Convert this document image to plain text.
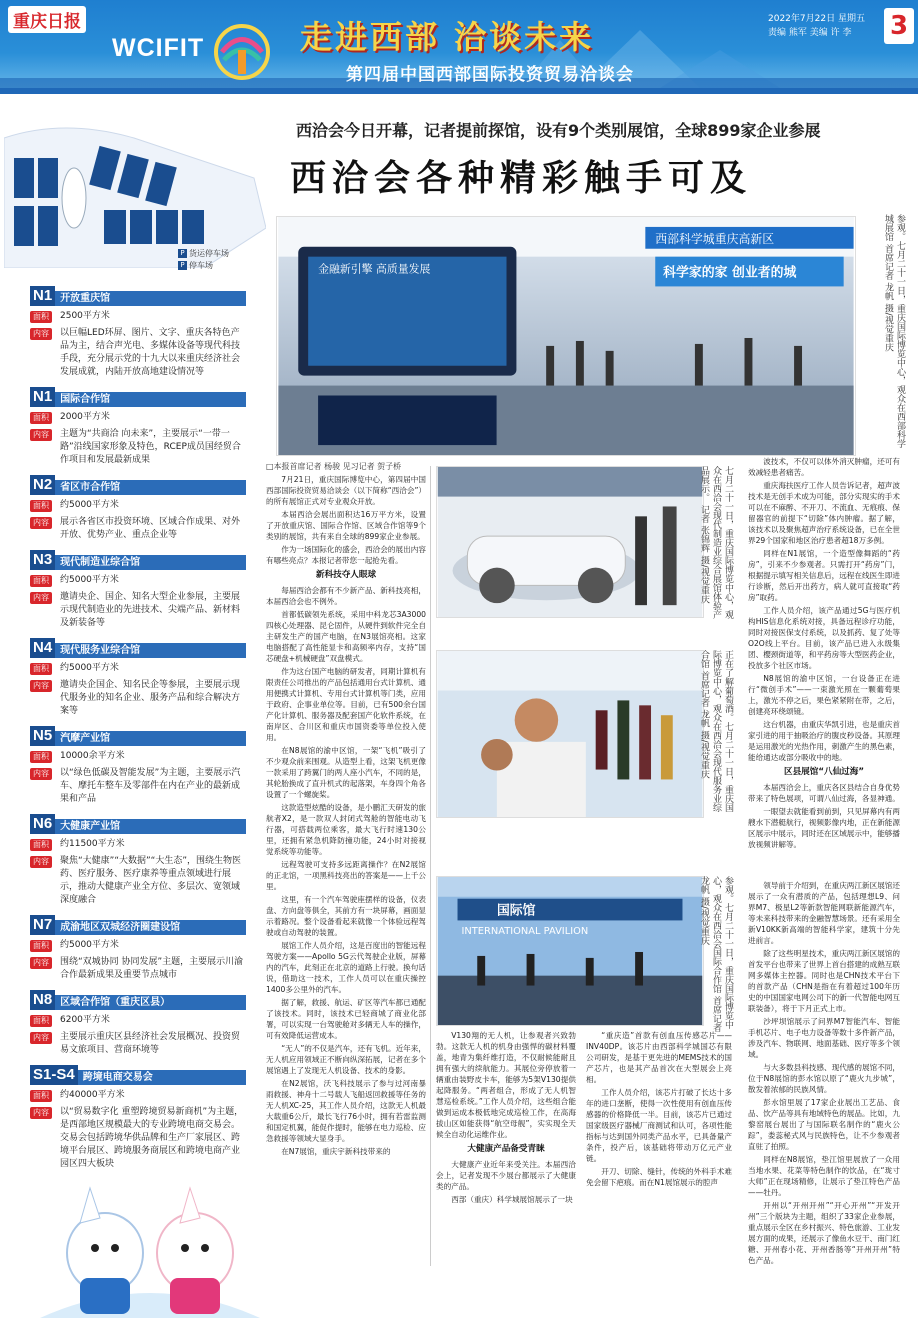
重庆日报
WCIFIT	走进西部 洽谈未来
第四届中国西部国际投资贸易洽谈会
2022年7月22日 星期五
责编 熊军 美编 许 李	3
P 货运停车场
P 停车场
N1 开放重庆馆
面积	2500平方米
内容	以巨幅LED环屏、图片、文字、重庆各特色产品为主，结合声光电、多媒体设备等现代科技手段，充分展示党的十九大以来重庆经济社会发展成就，内陆开放高地建设情况等
N1 国际合作馆
面积	2000平方米
内容	主题为“共商洽 向未来”，主要展示“一带一路”沿线国家形象及特色，RCEP成员国经贸合作项目和发展最新成果
N2 省区市合作馆
面积	约5000平方米
内容	展示各省区市投资环境、区域合作成果、对外开放、优势产业、重点企业等
N3 现代制造业综合馆
面积	约5000平方米
内容	邀请央企、国企、知名大型企业参展，主要展示现代制造业的先进技术、尖端产品、新材料及新装备等
N4 现代服务业综合馆
面积	约5000平方米
内容	邀请央企国企、知名民企等参展，主要展示现代服务业的知名企业、服务产品和综合解决方案等
N5 汽摩产业馆
面积	10000余平方米
内容	以“绿色低碳及智能发展”为主题，主要展示汽车、摩托车整车及零部件在内在产业的最新成果和产品
N6 大健康产业馆
面积	约11500平方米
内容	聚焦“大健康”“大数据”“大生态”，围绕生物医药、医疗服务、医疗康养等重点领域进行展示，推动大健康产业全方位、多层次、宽领域深度融合
N7 成渝地区双城经济圈建设馆
面积	约5000平方米
内容	围绕“双城协同 协同发展”主题，主要展示川渝合作最新成果及重要节点城市
N8 区域合作馆（重庆区县）
面积	6200平方米
内容	主要展示重庆区县经济社会发展概况、投资贸易文旅项目、营商环境等
S1-S4 跨境电商交易会
面积	约40000平方米
内容	以“贸易数字化 重塑跨境贸易新商机”为主题，是西部地区规模最大的专业跨境电商交易会。交易会包括跨境华供品牌和生产厂家展区、跨境平台展区、跨境服务商展区和跨境电商产业园区四大板块
西洽会今日开幕，记者提前探馆，设有9个类别展馆，全球899家企业参展
西洽会各种精彩触手可及
西部科学城重庆高新区
科学家的家 创业者的城
金融新引擎 高质量发展	参观。七月二十一日，重庆国际博览中心，观众在西部科学城展馆 首席记者 龙帆 摄/视觉重庆
七月二十一日，重庆国际博览中心，观众在西洽会现代制造业综合展馆体验产品展示。 记者 张锦辉 摄/视觉重庆
正在了解葡萄酒。七月二十一日，重庆国际博览中心，观众在西洽会现代服务业综合馆 首席记者 龙帆 摄/视觉重庆
国际馆
INTERNATIONAL PAVILION	参观。七月二十一日，重庆国际博览中心，观众在西洽会国际合作馆 首席记者 龙帆 摄/视觉重庆
□本报首席记者 杨骏 见习记者 贺子桥

7月21日，重庆国际博览中心，第四届中国西部国际投资贸易洽谈会（以下简称“西洽会”）的所有展馆正式对专业观众开放。

本届西洽会展出面积达16万平方米，设置了开放重庆馆、国际合作馆、区域合作馆等9个类别的展馆，共有来自全球的899家企业参展。

作为一场国际化的盛会，西洽会的展出内容有哪些亮点？本报记者带您一起抢先看。

新科技夺人眼球

每届西洽会都有不少新产品、新科技亮相，本届西洽会也不例外。

首都低碳领先系统，采用中科龙芯3A3000四核心处理器、昆仑固件，从硬件到软件完全自主研发生产的国产电脑，在N3展馆亮相。这家电脑搭配了高性能显卡和高频率内存，支持“国芯硬盘+机械硬盘”双盘模式。

作为这台国产电脑的研发者，同期计算机有限责任公司推出的产品包括通用台式计算机、通用便携式计算机、专用台式计算机等门类，应用于政府、企事业单位等。目前，已有500余台国产化计算机、服务器及配套国产化软件系统，在南岸区、合川区和重庆市国资委等单位投入使用。

在N8展馆的渝中区馆，一架“飞机”吸引了不少观众前来围观。从造型上看，这架飞机更像一款采用了跨翼门的两人座小汽车，不同的是，其轮胎换成了直升机式的起落架，车身四个角各设置了一个螺旋桨。

这款造型炫酷的设备，是小鹏汇天研发的旅航者X2，是一款双人封闭式驾舱的智能电动飞行器，可搭载两位乘客，最大飞行时速130公里，还拥有紧急机降防撞功能，24小时对接视觉系统等功能等。

远程驾驶可支持多远距离操作？在N2展馆的正北馆，一项黑科技亮出的答案是——上千公里。

这里，有一个汽车驾驶座摆样的设备，仪表盘、方向盘等俱全，其前方有一块屏幕，画面显示着路况。整个设备看起来就像一个体验远程驾驶或自动驾驶的装置。

展馆工作人员介绍，这是百度出的智能远程驾驶方案——Apollo 5G云代驾驶企业版，屏幕内的汽车，此刻正在北京的道路上行驶。换句话说，借助这一技术，工作人员可以在重庆操控1400多公里外的汽车。

据了解，救援、航运、矿区等汽车都已通配了该技术。同时，该技术已轻商城了商业化部署，可以实现一台驾驶舱对多辆无人车的操作，可有效降低运营成本。

“无人”的不仅是汽车，还有飞机。近年来，无人机应用领域正不断向纵深拓展，记者在多个展馆遇上了发现无人机设备、技术的身影。

在N2展馆，沃飞科技展示了参与过河南暴雨救援、神舟十二号载人飞船返回救援等任务的无人机XC-25，其工作人员介绍，这款无人机最大载重6公斤，最长飞行76小时，拥有若雷监测和国定机翼，能促作提时，能够在电力巡检、应急救援等领域大显身手。

在N7展馆，重庆宇新科技带来的

V130翔的无人机，让参观者兴致勃勃。这款无人机的机身由强悍的碳材料覆盖，地青为集纤维打造，不仅耐候能耐且拥有强大的续航能力。其展位旁停放着一辆重由装野皮卡车，能够为5架V130提供起降服务。“两者组合，形成了无人机智慧巡检系统。”工作人员介绍，这些组合能做到运成本极低地完成巡检工作，在高海拔山区如能获得“航空母舰”，实实现全天候全自动化运维作业。

大健康产品备受青睐

大健康产业近年来受关注。本届西洽会上，记者发现不少展台都展示了大健康类的产品。

西部（重庆）科学城展馆展示了一块

“重庆造”首款有创血压传感芯片——INV40DP。该芯片由西部科学城国芯有限公司研发，是基于更先进的MEMS技术的国产芯片，也是其产品首次在大型展会上亮相。

工作人员介绍，该芯片打破了长达十多年的进口垄断，使得一次性使用有创血压传感器的价格降低一半。目前，该芯片已通过国家级医疗器械厂商测试和认可，各项性能指标与达到国外同类产品水平，已具备量产条件，投产后，该基础将带动万亿元产业链。

开刀、切除、缝针，传统的外科手术难免会留下疤痕。而在N1展馆展示的腔声

波技术，不仅可以体外消灭肿瘤，还可有效减轻患者痛苦。

重庆海扶医疗工作人员告诉记者，超声波技术是无创手术成为可能，部分实现实的手术可以在不麻醉、不开刀、不流血、无痕痕、保留器官的前提下“切除”体内肿瘤。据了解，该技术以及聚焦超声治疗系统设备，已在全世界29个国家和地区治疗患者超18万多例。

同样在N1展馆，一个造型像舞蹈的“药房”，引来不少参观者。只需打开“药房”门，根据提示填写相关信息后，远程在线医生即进行诊断，然后开出药方，病人就可直接取“药房”取药。

工作人员介绍，该产品通过5G与医疗机构HIS信息化系统对接，具备远程诊疗功能，同时对接医保支付系统，以及抓药、复了处等O2O线上平台。目前，该产品已进入永级集团、樱颈街道等，和平药房等大型医药企业，投放多个社区市场。

N8展馆的渝中区馆，一台设备正在进行“微创手术”——一束激光照在一颗葡萄果上，激光不停之后，果色紧紧附在带，之后，创建亮环绕颂镜。

这台机器，由重庆华凯引进，也是重庆首家引进的用于抽吸治疗的腹皮秒设备。其原理是运用激光的光热作用，刺激产生的黑色素，能给通达或部分吸收中的地。

区县展馆“八仙过海”

本届西洽会上，重庆各区县结合自身优势带来了特色展项，可谓八仙过海，各显神通。

一眼望去就能看到前到，只见屏幕内有两艘水下潜艇航行，视频影像内地，正在新能源区展示中展示，同时还在区域展示中，能够播放视频讲解等。

领导前于介绍到，在重庆两江新区展馆还展示了一众有潜质的产品，包括理想L9、问界M7、极星L2等新款智能网联新能源汽车，等未来科技带来的金融智慧场景。还有采用全新V10KK新高端的智能科学家，建筑十分先进前言。

除了这些明星技术，重庆两江新区展馆的首发平台也带来了世界上首台搭建的成熟互联网多媒体主控器。同时也是CHN技术平台下的首款产品（CHN是指在有着超过100年历史的中国国家电网公司下的新一代智能电网互联装备），将于下月正式上市。

沙坪坝馆展示了问界M7智能汽车、智能手机芯片、电子电力设备等数十多件新产品，涉及汽车、物联网、地面基础、医疗等多个领域。

与大多数县科技感、现代感的展馆不同，位于N8展馆的彭水馆以原了“鹿火九步城”，散发着浓郁的民族风情。

彭水馆里展了17家企业展出工艺品、食品、饮产品等具有地域特色的展品。比如，九黎窑展台展出了与国际联名制作的“鹿火公踪”，娄蕊秘式风与民族特色，让不少参观者直驻了拍照。

同样在N8展馆，垫江馆里展放了一众用当地水果、花菜等特色制作的饮品，在“珑寸大师”正在现场精修，让展示了垫江特色产品——牡丹。

开州以“开州开州”“开心开州”“开发开州”三个版块为主题，组织了33家企业参展，重点展示全区在乡村振兴、特色旅游、工业发展方面的成果，还展示了像鱼水豆干、南门红糖、开州春小花、开州香肠等“开州开州”特色产品。
